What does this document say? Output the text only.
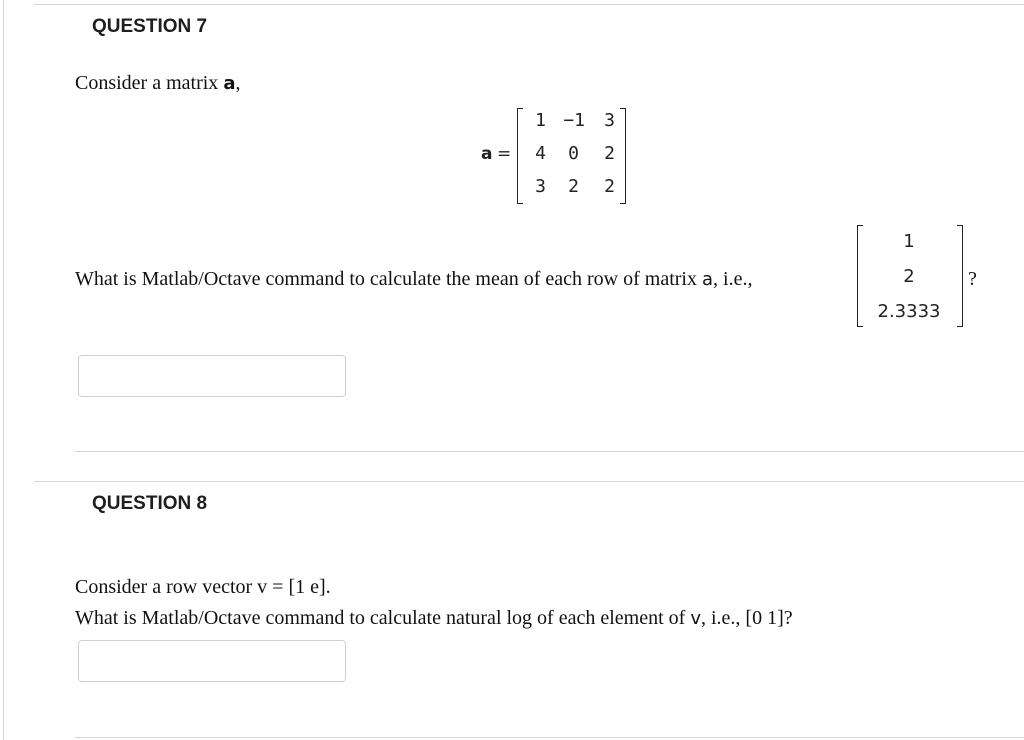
QUESTION 7
Consider a matrix a,
a =
1 −1	3
4	0	2
3	2	2
What is Matlab/Octave command to calculate the mean of each row of matrix a, i.e.,
1
2
2.3333
?
QUESTION 8
Consider a row vector v = [1 e].
What is Matlab/Octave command to calculate natural log of each element of v, i.e., [0 1]?
